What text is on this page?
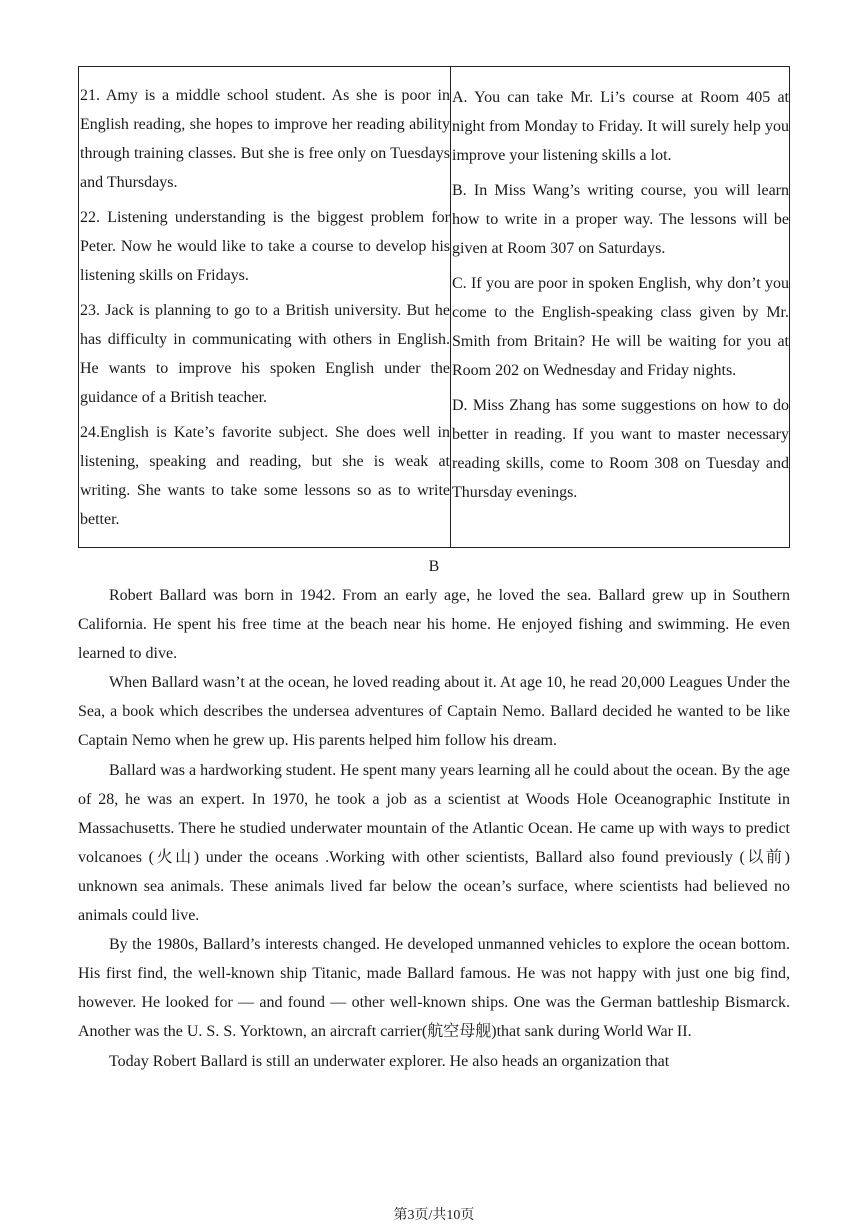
21. Amy is a middle school student. As she is poor in English reading, she hopes to improve her reading ability through training classes. But she is free only on Tuesdays and Thursdays.

22. Listening understanding is the biggest problem for Peter. Now he would like to take a course to develop his listening skills on Fridays.

23. Jack is planning to go to a British university. But he has difficulty in communicating with others in English. He wants to improve his spoken English under the guidance of a British teacher.

24.English is Kate’s favorite subject. She does well in listening, speaking and reading, but she is weak at writing. She wants to take some lessons so as to write better.

A. You can take Mr. Li’s course at Room 405 at night from Monday to Friday. It will surely help you improve your listening skills a lot.

B. In Miss Wang’s writing course, you will learn how to write in a proper way. The lessons will be given at Room 307 on Saturdays.

C. If you are poor in spoken English, why don’t you come to the English-speaking class given by Mr. Smith from Britain? He will be waiting for you at Room 202 on Wednesday and Friday nights.

D. Miss Zhang has some suggestions on how to do better in reading. If you want to master necessary reading skills, come to Room 308 on Tuesday and Thursday evenings.

B

Robert Ballard was born in 1942. From an early age, he loved the sea. Ballard grew up in Southern California. He spent his free time at the beach near his home. He enjoyed fishing and swimming. He even learned to dive.

When Ballard wasn’t at the ocean, he loved reading about it. At age 10, he read 20,000 Leagues Under the Sea, a book which describes the undersea adventures of Captain Nemo. Ballard decided he wanted to be like Captain Nemo when he grew up. His parents helped him follow his dream.

Ballard was a hardworking student. He spent many years learning all he could about the ocean. By the age of 28, he was an expert. In 1970, he took a job as a scientist at Woods Hole Oceanographic Institute in Massachusetts. There he studied underwater mountain of the Atlantic Ocean. He came up with ways to predict volcanoes (火山) under the oceans .Working with other scientists, Ballard also found previously (以前) unknown sea animals. These animals lived far below the ocean’s surface, where scientists had believed no animals could live.

By the 1980s, Ballard’s interests changed. He developed unmanned vehicles to explore the ocean bottom. His first find, the well-known ship Titanic, made Ballard famous. He was not happy with just one big find, however. He looked for — and found — other well-known ships. One was the German battleship Bismarck. Another was the U. S. S. Yorktown, an aircraft carrier(航空母舰)that sank during World War II.

Today Robert Ballard is still an underwater explorer. He also heads an organization that

第3页/共10页
